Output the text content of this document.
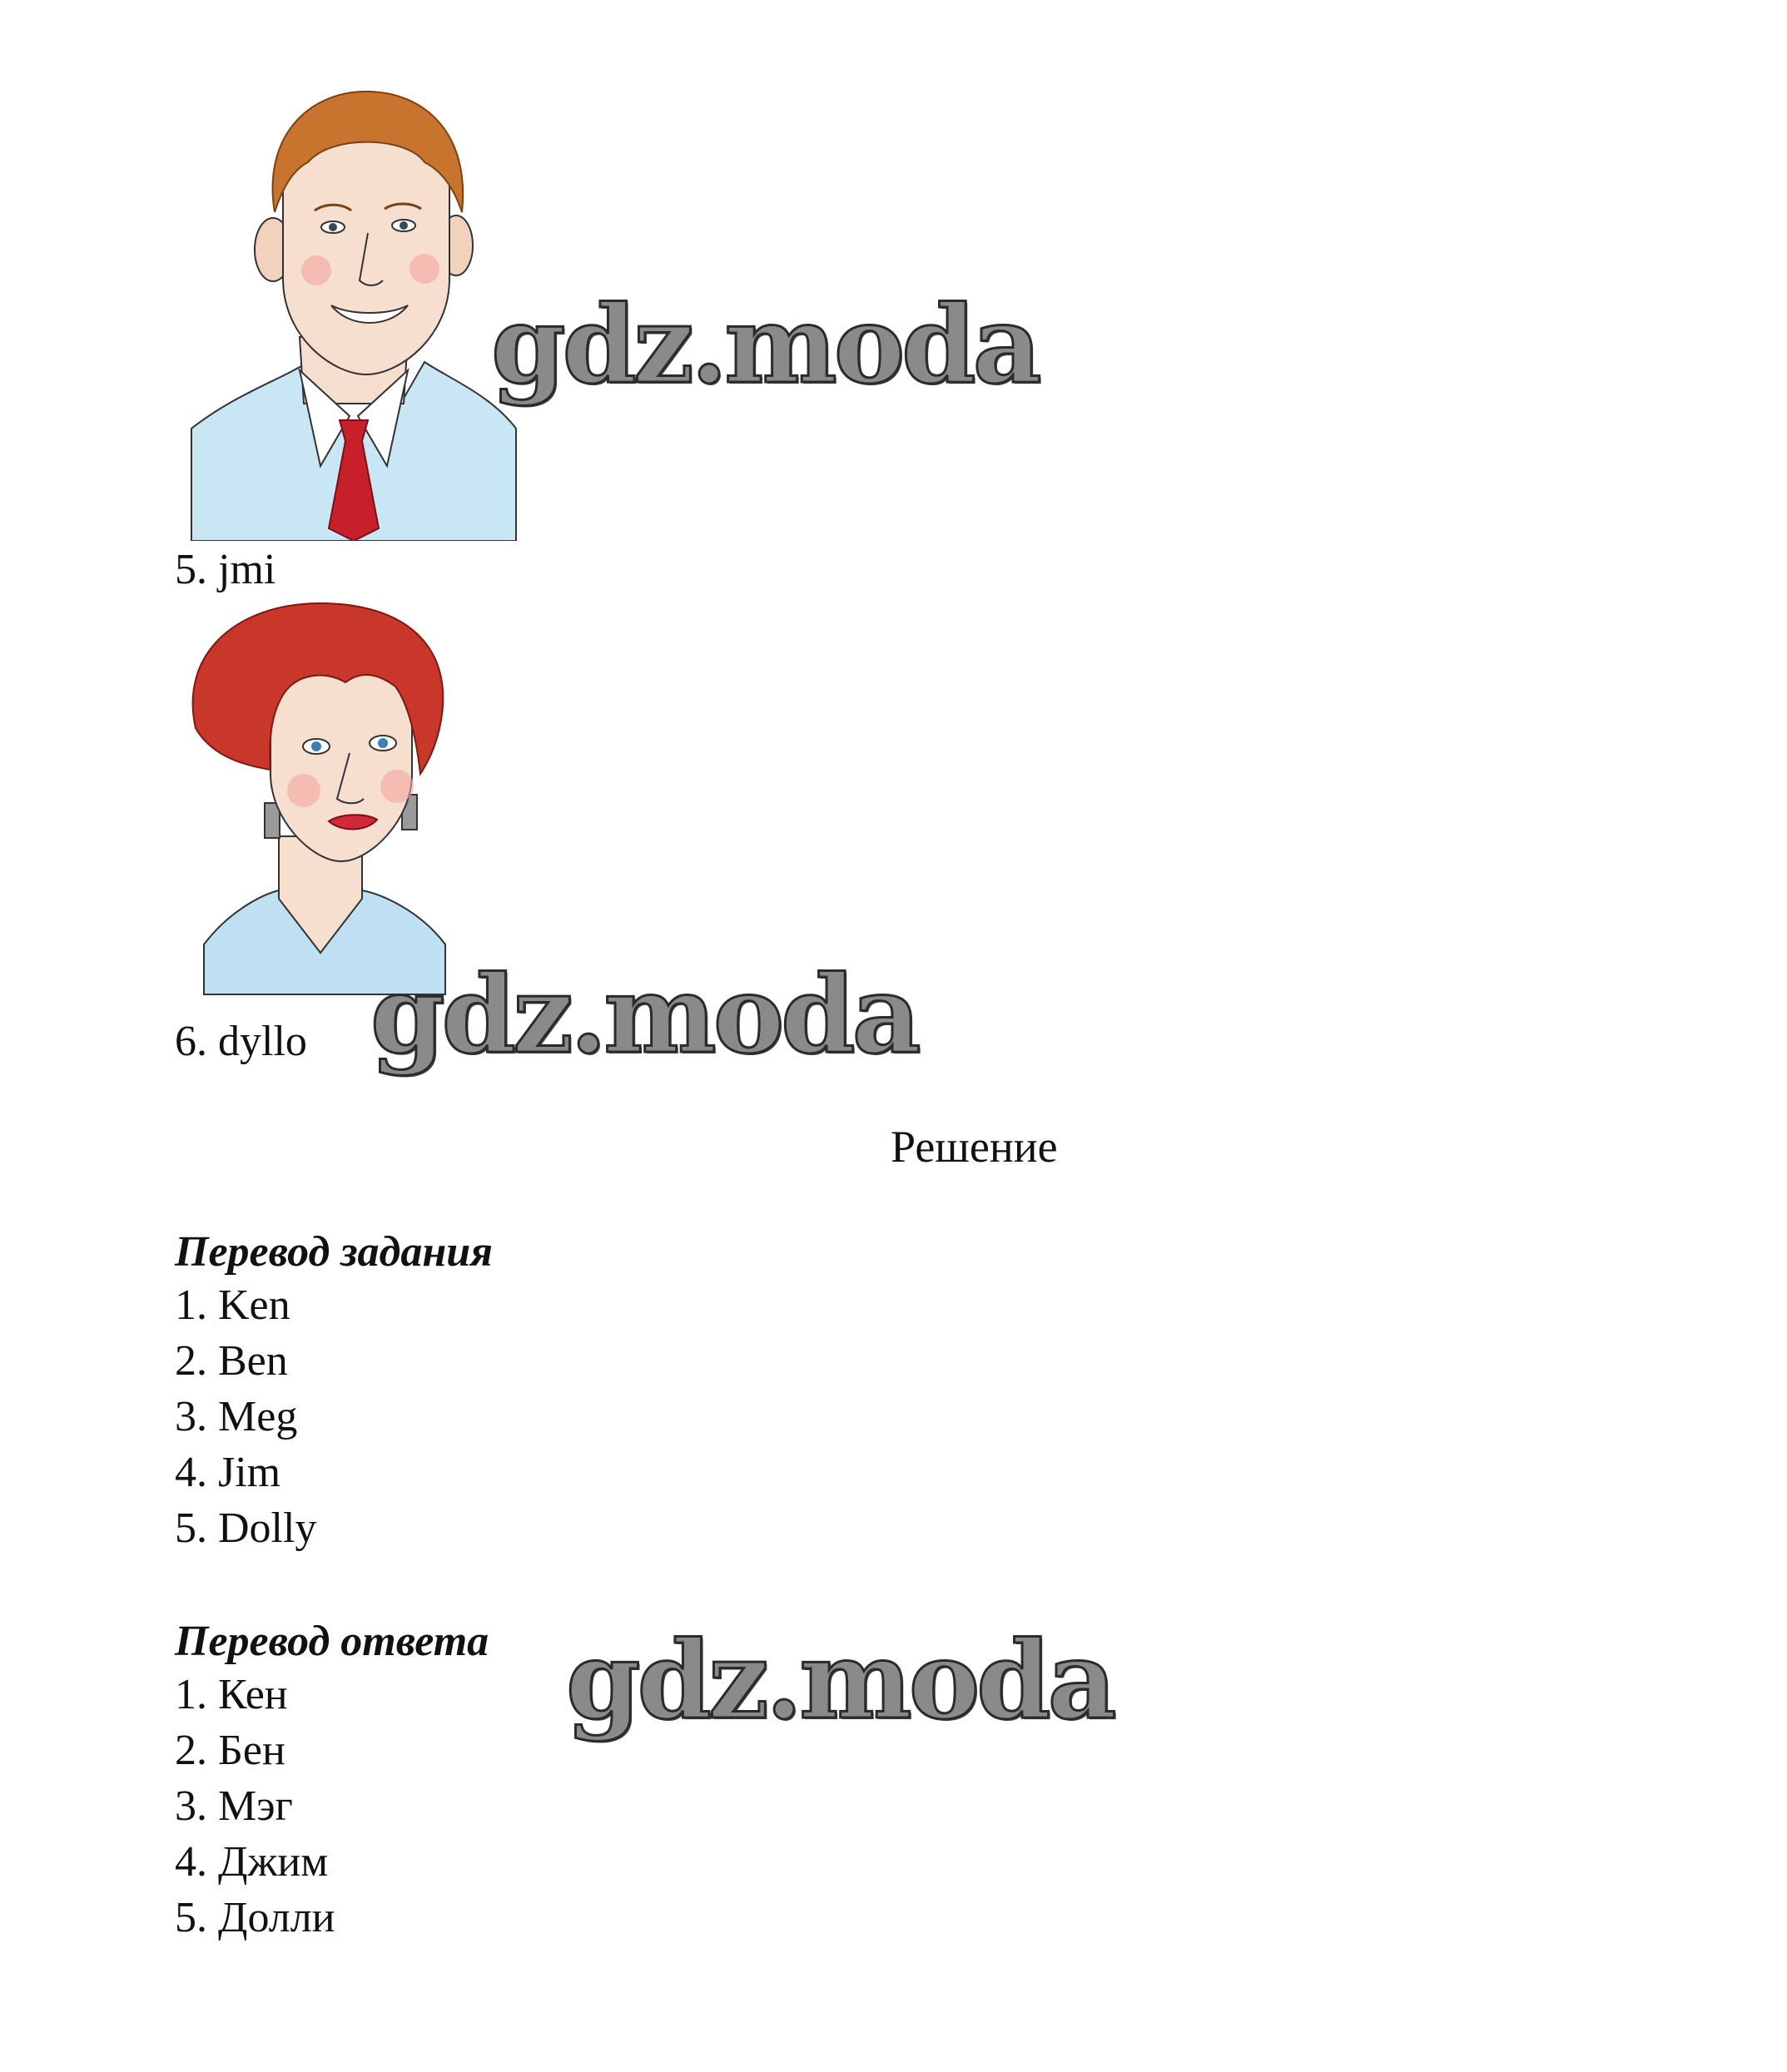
gdz.moda
5. jmi
6. dyllo gdz.moda
Решение
Перевод задания
1. Ken
2. Ben
3. Meg
4. Jim
5. Dolly
Перевод ответа
1. Кен
2. Бен
3. Мэг
4. Джим
5. Долли
gdz.moda
